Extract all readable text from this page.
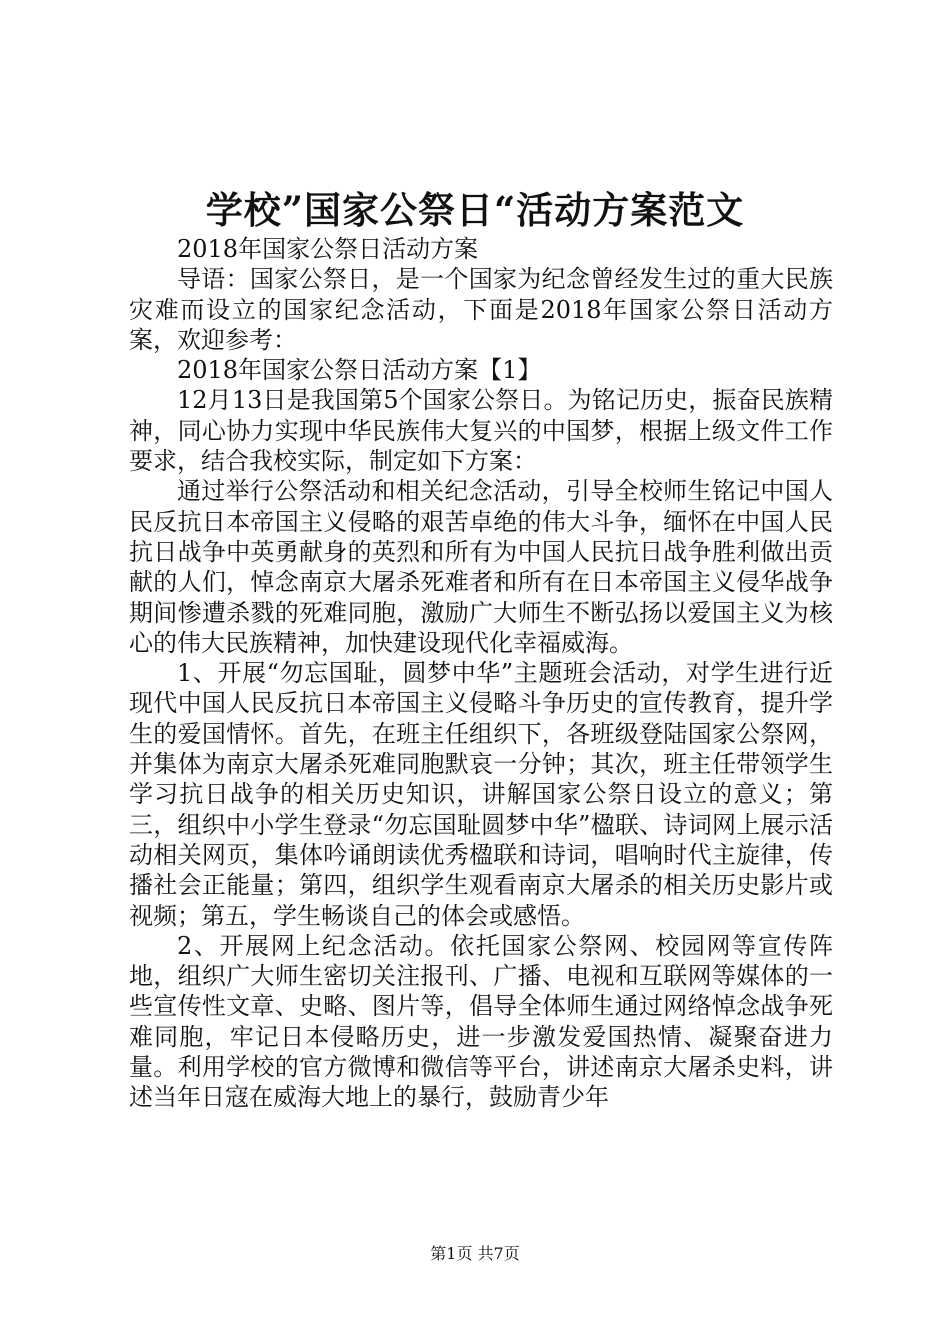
学校”国家公祭日“活动方案范文

2018年国家公祭日活动方案

导语：国家公祭日，是一个国家为纪念曾经发生过的重大民族灾难而设立的国家纪念活动，下面是2018年国家公祭日活动方案，欢迎参考：

2018年国家公祭日活动方案【1】

12月13日是我国第5个国家公祭日。为铭记历史，振奋民族精神，同心协力实现中华民族伟大复兴的中国梦，根据上级文件工作要求，结合我校实际，制定如下方案：

通过举行公祭活动和相关纪念活动，引导全校师生铭记中国人民反抗日本帝国主义侵略的艰苦卓绝的伟大斗争，缅怀在中国人民抗日战争中英勇献身的英烈和所有为中国人民抗日战争胜利做出贡献的人们，悼念南京大屠杀死难者和所有在日本帝国主义侵华战争期间惨遭杀戮的死难同胞，激励广大师生不断弘扬以爱国主义为核心的伟大民族精神，加快建设现代化幸福威海。

1、开展“勿忘国耻，圆梦中华”主题班会活动，对学生进行近现代中国人民反抗日本帝国主义侵略斗争历史的宣传教育，提升学生的爱国情怀。首先，在班主任组织下，各班级登陆国家公祭网，并集体为南京大屠杀死难同胞默哀一分钟；其次，班主任带领学生学习抗日战争的相关历史知识，讲解国家公祭日设立的意义；第三，组织中小学生登录“勿忘国耻圆梦中华”楹联、诗词网上展示活动相关网页，集体吟诵朗读优秀楹联和诗词，唱响时代主旋律，传播社会正能量；第四，组织学生观看南京大屠杀的相关历史影片或视频；第五，学生畅谈自己的体会或感悟。

2、开展网上纪念活动。依托国家公祭网、校园网等宣传阵地，组织广大师生密切关注报刊、广播、电视和互联网等媒体的一些宣传性文章、史略、图片等，倡导全体师生通过网络悼念战争死难同胞，牢记日本侵略历史，进一步激发爱国热情、凝聚奋进力量。利用学校的官方微博和微信等平台，讲述南京大屠杀史料，讲述当年日寇在威海大地上的暴行，鼓励青少年

第1页 共7页
